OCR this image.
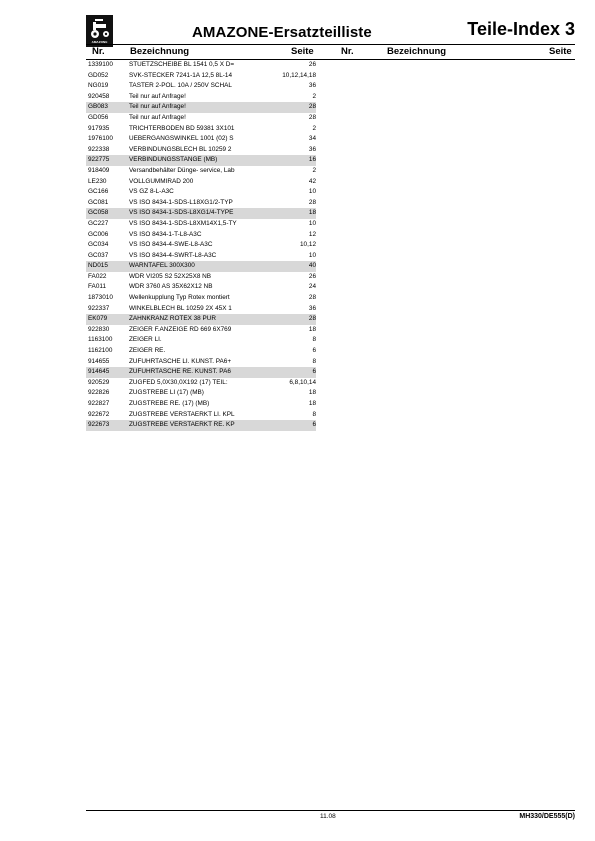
AMAZONE
AMAZONE-Ersatzteilliste	Teile-Index 3
Nr.	Bezeichnung	Seite	Nr.	Bezeichnung	Seite
1339100	STUETZSCHEIBE BL 1541 0,5 X D=	26
GD052	SVK-STECKER 7241-1A 12,5 8L-14	10,12,14,18
NG019	TASTER 2-POL. 10A / 250V SCHAL	36
920458	Teil nur auf Anfrage!	2
GB083	Teil nur auf Anfrage!	28
GD056	Teil nur auf Anfrage!	28
917935	TRICHTERBODEN BD 59381 3X101	2
1976100	UEBERGANGSWINKEL 1001 (02) S	34
922338	VERBINDUNGSBLECH BL 10259 2	36
922775	VERBINDUNGSSTANGE (MB)	16
918409	Versandbehälter Dünge- service, Lab	2
LE230	VOLLGUMMIRAD 200	42
GC166	VS GZ 8-L-A3C	10
GC081	VS ISO 8434-1-SDS-L18XG1/2-TYP	28
GC058	VS ISO 8434-1-SDS-L8XG1/4-TYPE	18
GC227	VS ISO 8434-1-SDS-L8XM14X1,5-TY	10
GC006	VS ISO 8434-1-T-L8-A3C	12
GC034	VS ISO 8434-4-SWE-L8-A3C	10,12
GC037	VS ISO 8434-4-SWRT-L8-A3C	10
ND015	WARNTAFEL 300X300	40
FA022	WDR VI205 S2 52X25X8 NB	26
FA011	WDR 3760 AS 35X62X12 NB	24
1873010	Wellenkupplung Typ Rotex montiert	28
922337	WINKELBLECH BL 10259 2X 45X 1	36
EK079	ZAHNKRANZ ROTEX 38 PUR	28
922830	ZEIGER F.ANZEIGE RD 669 6X769	18
1163100	ZEIGER LI.	8
1162100	ZEIGER RE.	6
914655	ZUFUHRTASCHE LI. KUNST. PA6+	8
914645	ZUFUHRTASCHE RE. KUNST. PA6	6
920529	ZUGFED 5,0X30,0X192 (17) TEIL:	6,8,10,14
922826	ZUGSTREBE LI (17) (MB)	18
922827	ZUGSTREBE RE. (17) (MB)	18
922672	ZUGSTREBE VERSTAERKT LI. KPL	8
922673	ZUGSTREBE VERSTAERKT RE. KP	6
11.08	MH330/DE555(D)
